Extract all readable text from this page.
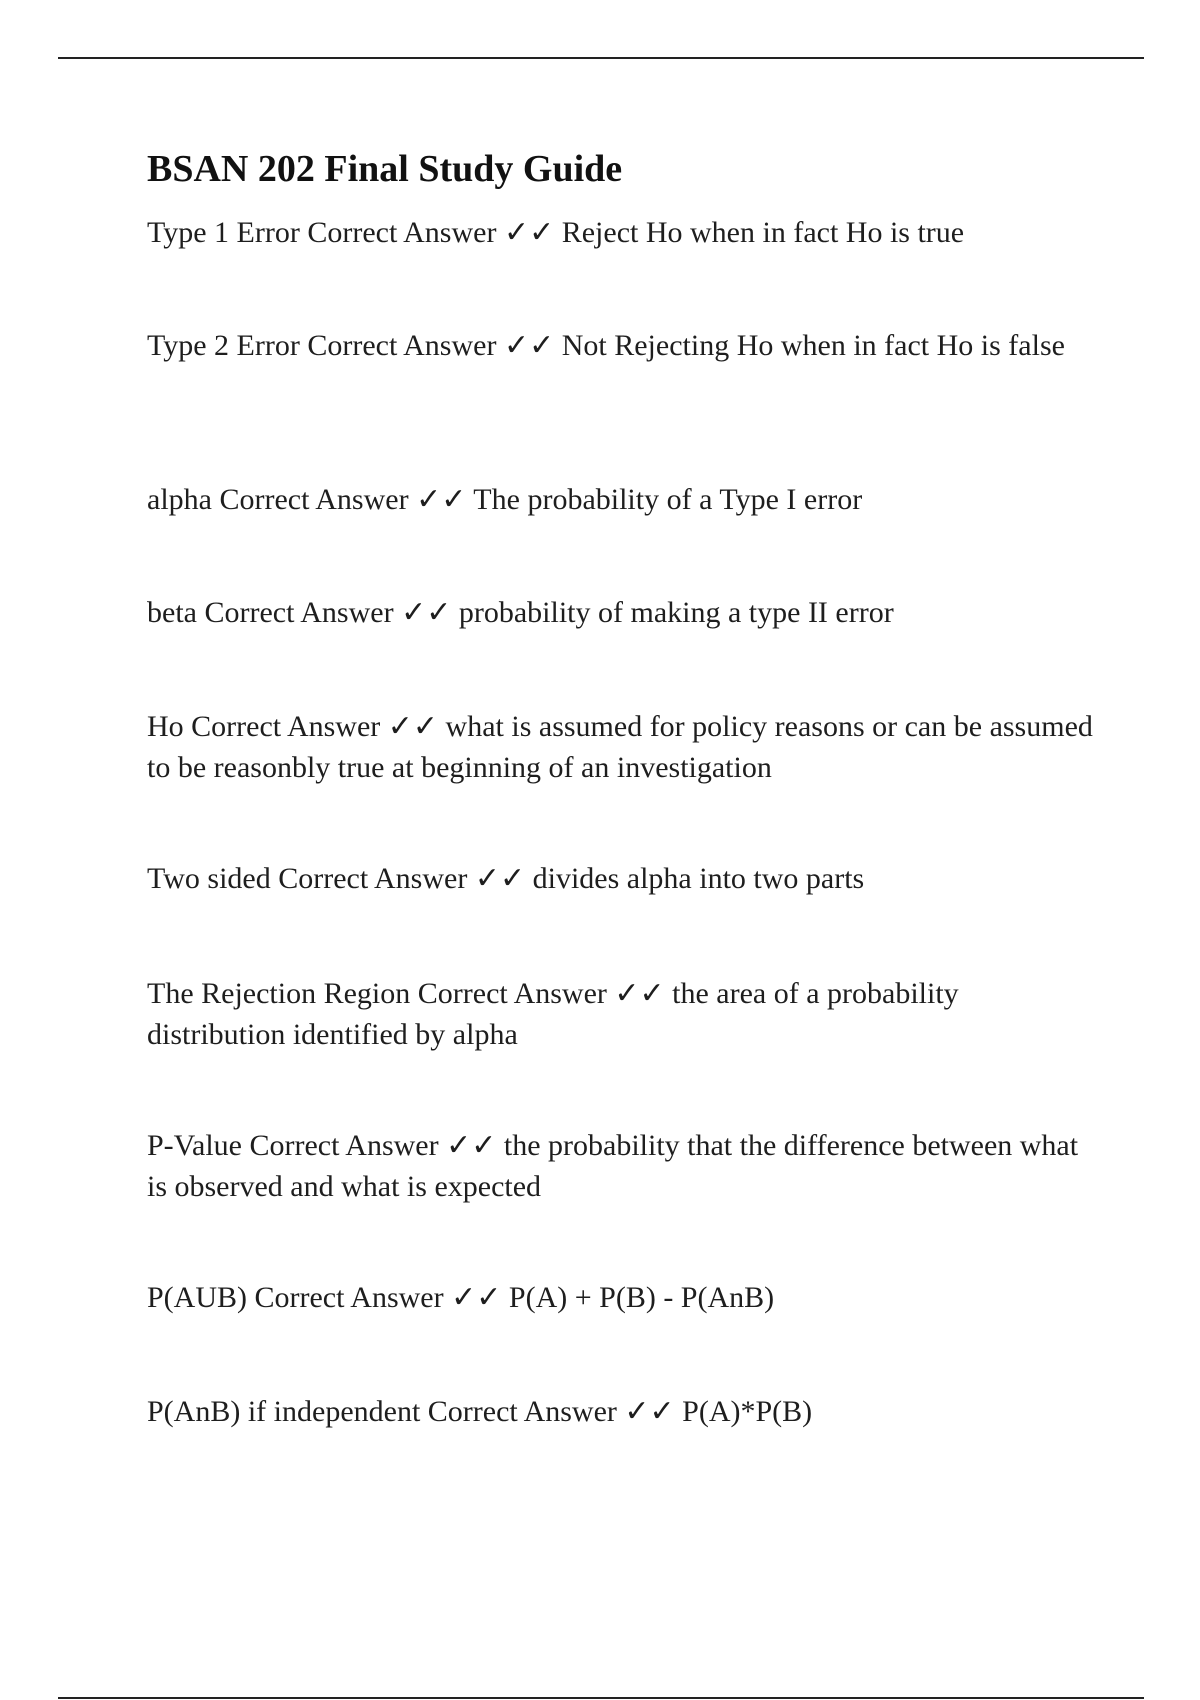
BSAN 202 Final Study Guide
Type 1 Error Correct Answer ✓✓ Reject Ho when in fact Ho is true
Type 2 Error Correct Answer ✓✓ Not Rejecting Ho when in fact Ho is false
alpha Correct Answer ✓✓ The probability of a Type I error
beta Correct Answer ✓✓ probability of making a type II error
Ho Correct Answer ✓✓ what is assumed for policy reasons or can be assumed to be reasonbly true at beginning of an investigation
Two sided Correct Answer ✓✓ divides alpha into two parts
The Rejection Region Correct Answer ✓✓ the area of a probability distribution identified by alpha
P-Value Correct Answer ✓✓ the probability that the difference between what is observed and what is expected
P(AUB) Correct Answer ✓✓ P(A) + P(B) - P(AnB)
P(AnB) if independent Correct Answer ✓✓ P(A)*P(B)
